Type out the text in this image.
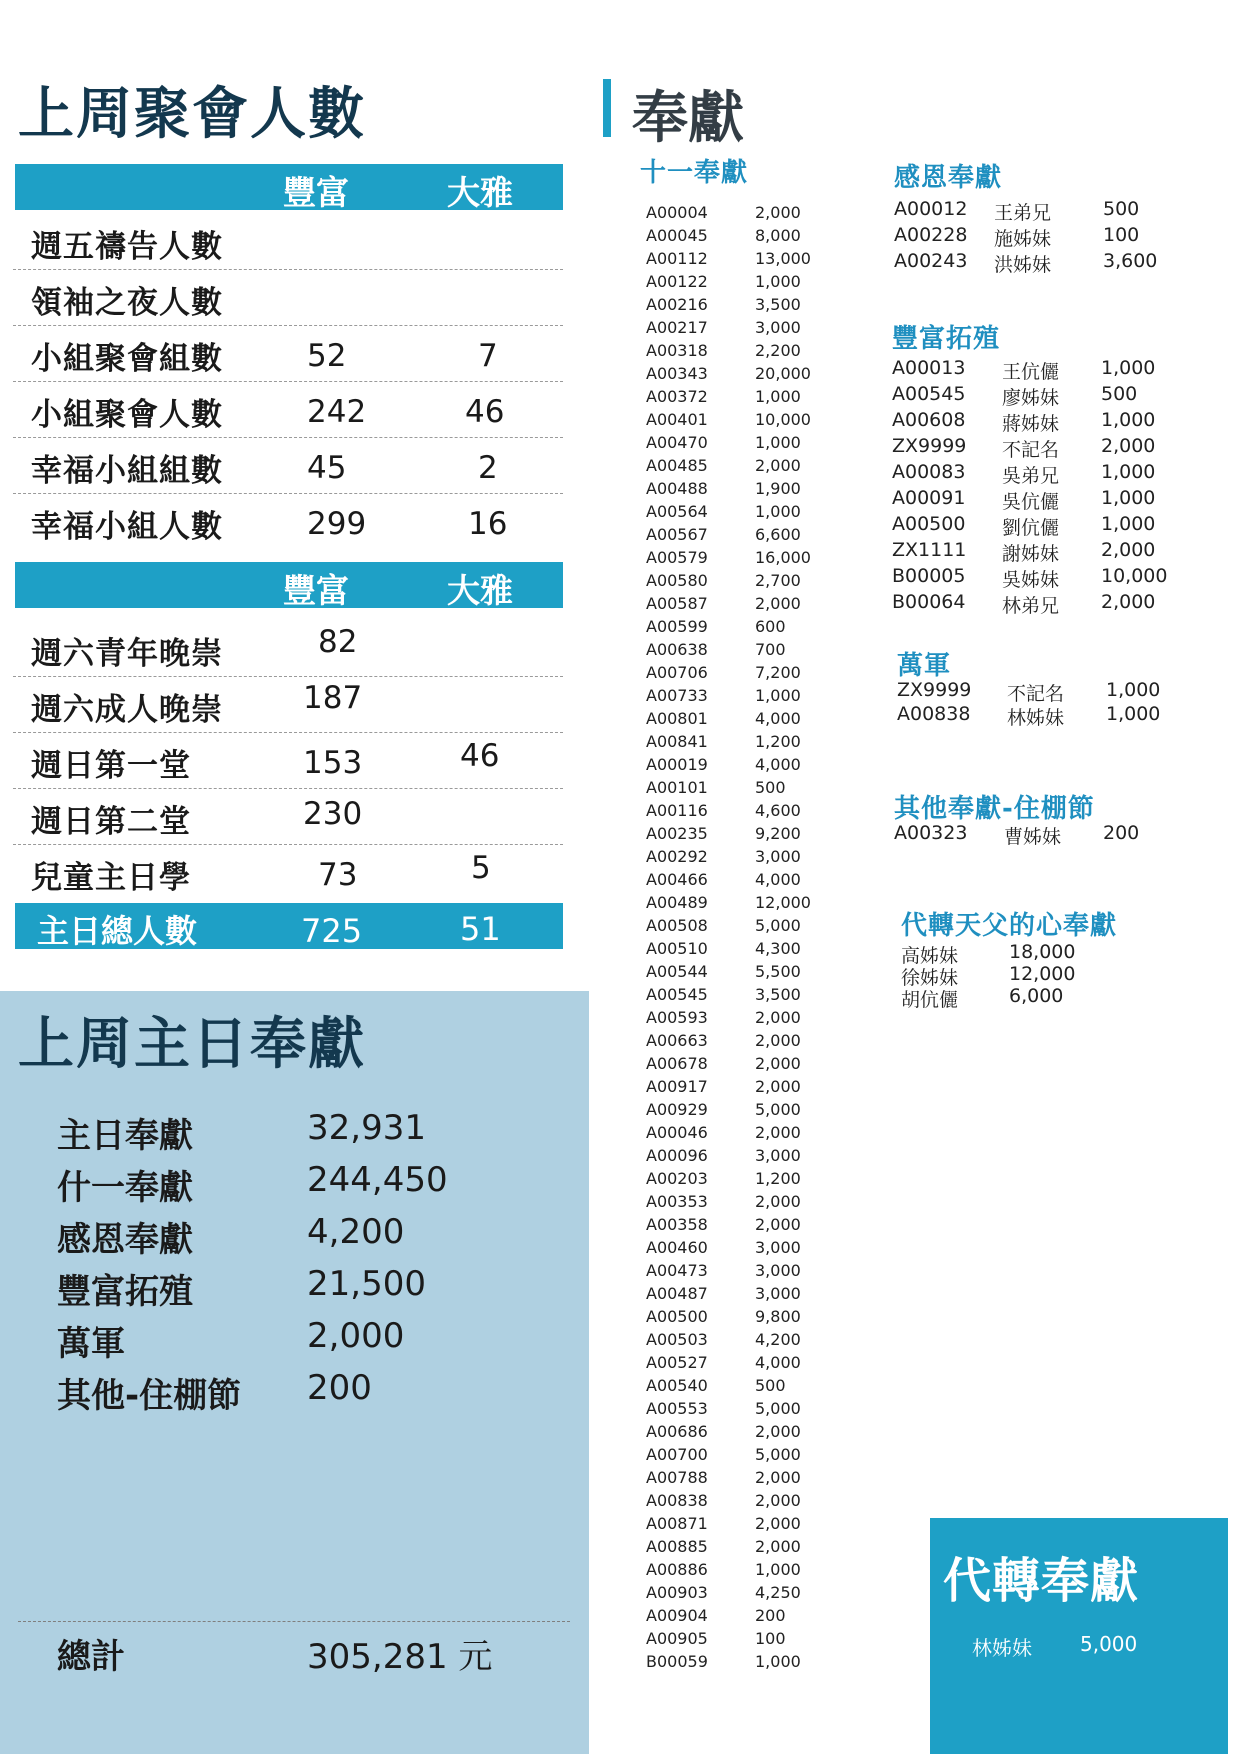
上周聚會人數
豐富	大雅
週五禱告人數
領袖之夜人數
小組聚會組數	52	7
小組聚會人數	242	46
幸福小組組數	45	2
幸福小組人數	299	16
豐富	大雅
週六青年晚崇	82
週六成人晚崇	187
週日第一堂	153	46
週日第二堂	230
兒童主日學	73	5
主日總人數	725	51
上周主日奉獻
主日奉獻	32,931
什一奉獻	244,450
感恩奉獻	4,200
豐富拓殖	21,500
萬軍	2,000
其他-住棚節 200
總計	305,281 元
奉獻
十一奉獻
A00004	2,000
A00045	8,000
A00112	13,000
A00122	1,000
A00216	3,500
A00217	3,000
A00318	2,200
A00343	20,000
A00372	1,000
A00401	10,000
A00470	1,000
A00485	2,000
A00488	1,900
A00564	1,000
A00567	6,600
A00579	16,000
A00580	2,700
A00587	2,000
A00599	600
A00638	700
A00706	7,200
A00733	1,000
A00801	4,000
A00841	1,200
A00019	4,000
A00101	500
A00116	4,600
A00235	9,200
A00292	3,000
A00466	4,000
A00489	12,000
A00508	5,000
A00510	4,300
A00544	5,500
A00545	3,500
A00593	2,000
A00663	2,000
A00678	2,000
A00917	2,000
A00929	5,000
A00046	2,000
A00096	3,000
A00203	1,200
A00353	2,000
A00358	2,000
A00460	3,000
A00473	3,000
A00487	3,000
A00500	9,800
A00503	4,200
A00527	4,000
A00540	500
A00553	5,000
A00686	2,000
A00700	5,000
A00788	2,000
A00838	2,000
A00871	2,000
A00885	2,000
A00886	1,000
A00903	4,250
A00904	200
A00905	100
B00059	1,000
感恩奉獻
A00012 王弟兄	500
A00228 施姊妹	100
A00243 洪姊妹	3,600
豐富拓殖
A00013 王伉儷 1,000
A00545 廖姊妹 500
A00608 蔣姊妹 1,000
ZX9999 不記名 2,000
A00083 吳弟兄 1,000
A00091 吳伉儷 1,000
A00500 劉伉儷 1,000
ZX1111 謝姊妹 2,000
B00005 吳姊妹 10,000
B00064 林弟兄 2,000
萬軍
ZX9999 不記名 1,000
A00838 林姊妹 1,000
其他奉獻-住棚節
A00323 曹姊妹 200
代轉天父的心奉獻
高姊妹	18,000
徐姊妹	12,000
胡伉儷	6,000
代轉奉獻
林姊妹 5,000
